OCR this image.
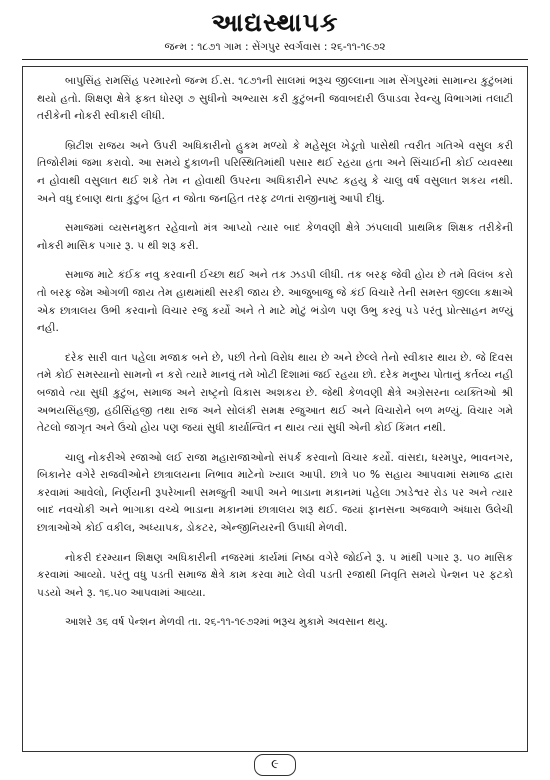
આદ્યસ્થાપક

જન્મ : ૧૮૭૧ ગામ : સેંગપુર સ્વર્ગવાસ : ૨૬-૧૧-૧૯૭૨

બાપુસિંહ રામસિંહ પરમારનો જન્મ ઈ.સ. ૧૮૭૧ની સાલમાં ભરૂચ જીલ્લાના ગામ સેંગપુરમાં સામાન્ય કુટુંબમાં થયો હતો. શિક્ષણ ક્ષેત્રે ફક્ત ધોરણ ૭ સુધીનો અભ્યાસ કરી કુટુંબની જવાબદારી ઉપાડવા રેવન્યુ વિભાગમાં તલાટી તરીકેની નોકરી સ્વીકારી લીધી.

બ્રિટીશ રાજય અને ઉપરી અધિકારીનો હુકમ મળ્યો કે મહેસૂલ ખેડૂતો પાસેથી ત્વરીત ગતિએ વસુલ કરી તિજોરીમાં જમા કરાવો. આ સમયે દુકાળની પરિસ્થિતિમાંથી પસાર થઈ રહયા હતા અને સિંચાઈની કોઈ વ્યવસ્થા ન હોવાથી વસુલાત થઈ શકે તેમ ન હોવાથી ઉપરના અધિકારીને સ્પષ્ટ કહયુ કે ચાલુ વર્ષ વસુલાત શકય નથી. અને વધુ દબાણ થતા કુટુંબ હિત ન જોતા જનહિત તરફ ઢળતાં રાજીનામું આપી દીધું.

સમાજમાં વ્યસનમુકત રહેવાનો મંત્ર આપ્યો ત્યાર બાદ કેળવણી ક્ષેત્રે ઝંપલાવી પ્રાથમિક શિક્ષક તરીકેની નોકરી માસિક પગાર રૂ. ૫ થી શરૂ કરી.

સમાજ માટે કંઈક નવુ કરવાની ઈચ્છા થઈ અને તક ઝડપી લીધી. તક બરફ જેવી હોય છે તમે વિલંબ કરો તો બરફ જેમ ઓગળી જાય તેમ હાથમાંથી સરકી જાય છે. આજુબાજુ જે કંઈ વિચારે તેની સમસ્ત જીલ્લા કક્ષાએ એક છાત્રાલય ઉભી કરવાનો વિચાર રજુ કર્યો અને તે માટે મોટું ભંડોળ પણ ઉભુ કરવું પડે પરંતુ પ્રોત્સાહન મળ્યું નહી.

દરેક સારી વાત પહેલા મજાક બને છે, પછી તેનો વિરોધ થાય છે અને છેલ્લે તેનો સ્વીકાર થાય છે. જે દિવસ તમે કોઈ સમસ્યાનો સામનો ન કરો ત્યારે માનવું તમે ખોટી દિશામાં જઈ રહયા છો. દરેક મનુષ્ય પોતાનું કર્તવ્ય નહી બજાવે ત્યા સુધી કુટુંબ, સમાજ અને રાષ્ટ્રનો વિકાસ અશકય છે. જેથી કેળવણી ક્ષેત્રે અગ્રેસરના વ્યક્તિઓ શ્રી અભયસિંહજી, હઠીસિંહજી તથા રાજ અને સોલંકી સમક્ષ રજુઆત થઈ અને વિચારોને બળ મળ્યું. વિચાર ગમે તેટલો જાગૃત અને ઉંચો હોય પણ જયાં સુધી કાર્યાન્વિત ન થાય ત્યાં સુધી એની કોઈ કિંમત નથી.

ચાલુ નોકરીએ રજાઓ લઈ રાજા મહારાજાઓનો સંપર્ક કરવાનો વિચાર કર્યો. વાંસદા, ધરમપુર, ભાવનગર, બિકાનેર વગેરે રાજવીઓને છાત્રાલયના નિભાવ માટેનો ખ્યાલ આપી. છાત્રે ૫૦ % સહાય આપવામાં સમાજ દ્વારા કરવામાં આવેલો, નિર્ણયની રૂપરેખાની સમજુતી આપી અને ભાડાના મકાનમાં પહેલા ઝાડેશ્વર રોડ પર અને ત્યાર બાદ નવચોકી અને ભાગાકા વચ્ચે ભાડાના મકાનમાં છાત્રાલય શરૂ થઈ. જયાં ફાનસના અજવાળે અંધારા ઉલેચી છાત્રાઓએ કોઈ વકીલ, અધ્યાપક, ડોકટર, એન્જીનિયરની ઉપાધી મેળવી.

નોકરી દરમ્યાન શિક્ષણ અધિકારીની નજરમાં કાર્યમાં નિષ્ઠા વગેરે જોઈને રૂ. ૫ માંથી પગાર રૂ. ૫૦ માસિક કરવામાં આવ્યો. પરંતુ વધુ પડતી સમાજ ક્ષેત્રે કામ કરવા માટે લેવી પડતી રજાથી નિવૃતિ સમયે પેન્શન પર ફટકો પડયો અને રૂ. ૧૬.૫૦ આપવામાં આવ્યા.

આશરે ૩૬ વર્ષ પેન્શન મેળવી તા. ૨૬-૧૧-૧૯૭૨માં ભરૂચ મુકામે અવસાન થયુ.

૯
